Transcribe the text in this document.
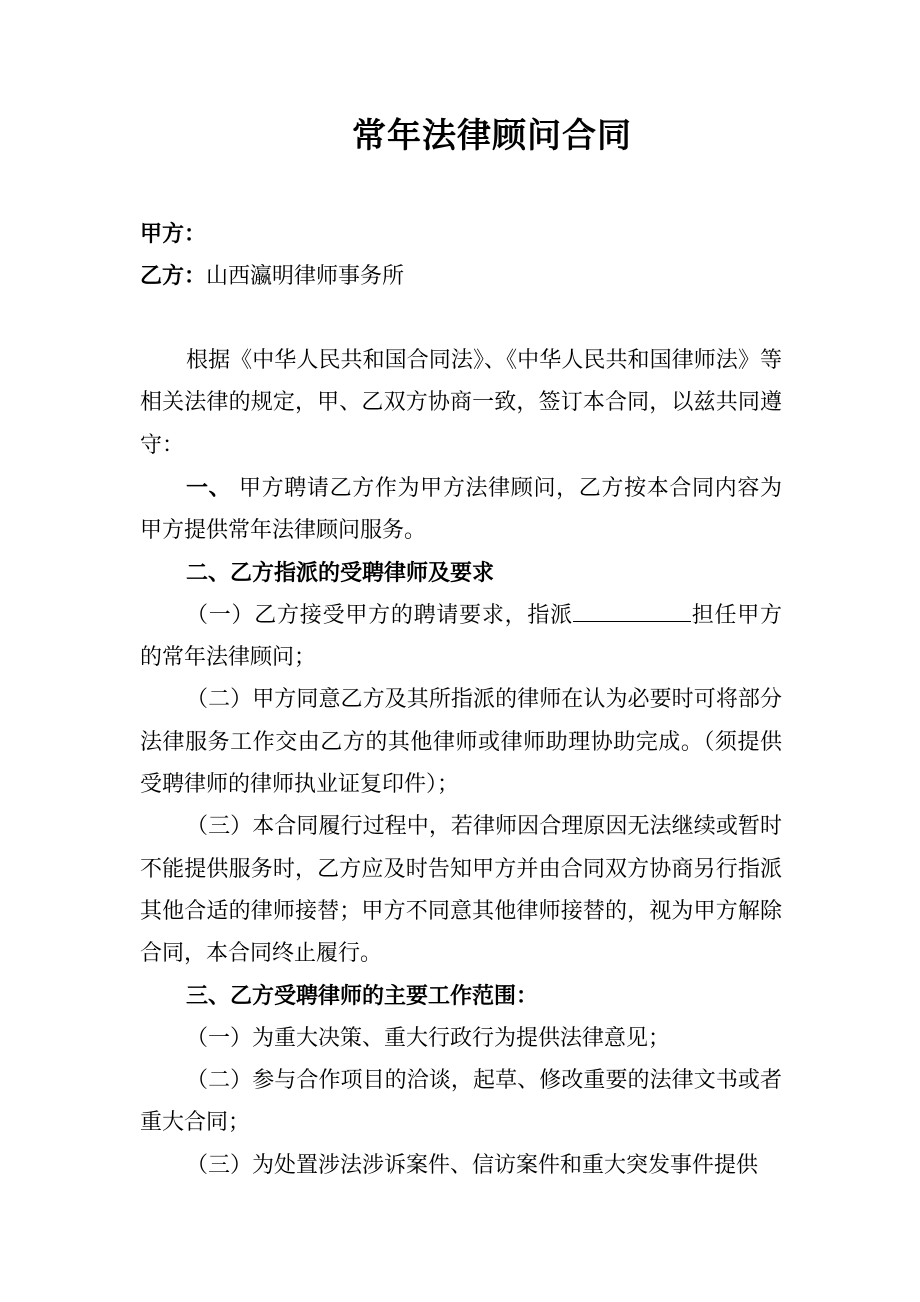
常年法律顾问合同
甲方：
乙方：山西瀛明律师事务所

根据《中华人民共和国合同法》、《中华人民共和国律师法》等相关法律的规定，甲、乙双方协商一致，签订本合同，以兹共同遵守：

一、 甲方聘请乙方作为甲方法律顾问，乙方按本合同内容为甲方提供常年法律顾问服务。

二、乙方指派的受聘律师及要求

（一）乙方接受甲方的聘请要求，指派	担任甲方的常年法律顾问；

（二）甲方同意乙方及其所指派的律师在认为必要时可将部分法律服务工作交由乙方的其他律师或律师助理协助完成。（须提供受聘律师的律师执业证复印件）；

（三）本合同履行过程中，若律师因合理原因无法继续或暂时不能提供服务时，乙方应及时告知甲方并由合同双方协商另行指派其他合适的律师接替；甲方不同意其他律师接替的，视为甲方解除合同，本合同终止履行。

三、乙方受聘律师的主要工作范围：

（一）为重大决策、重大行政行为提供法律意见；

（二）参与合作项目的洽谈，起草、修改重要的法律文书或者重大合同；

（三）为处置涉法涉诉案件、信访案件和重大突发事件提供
